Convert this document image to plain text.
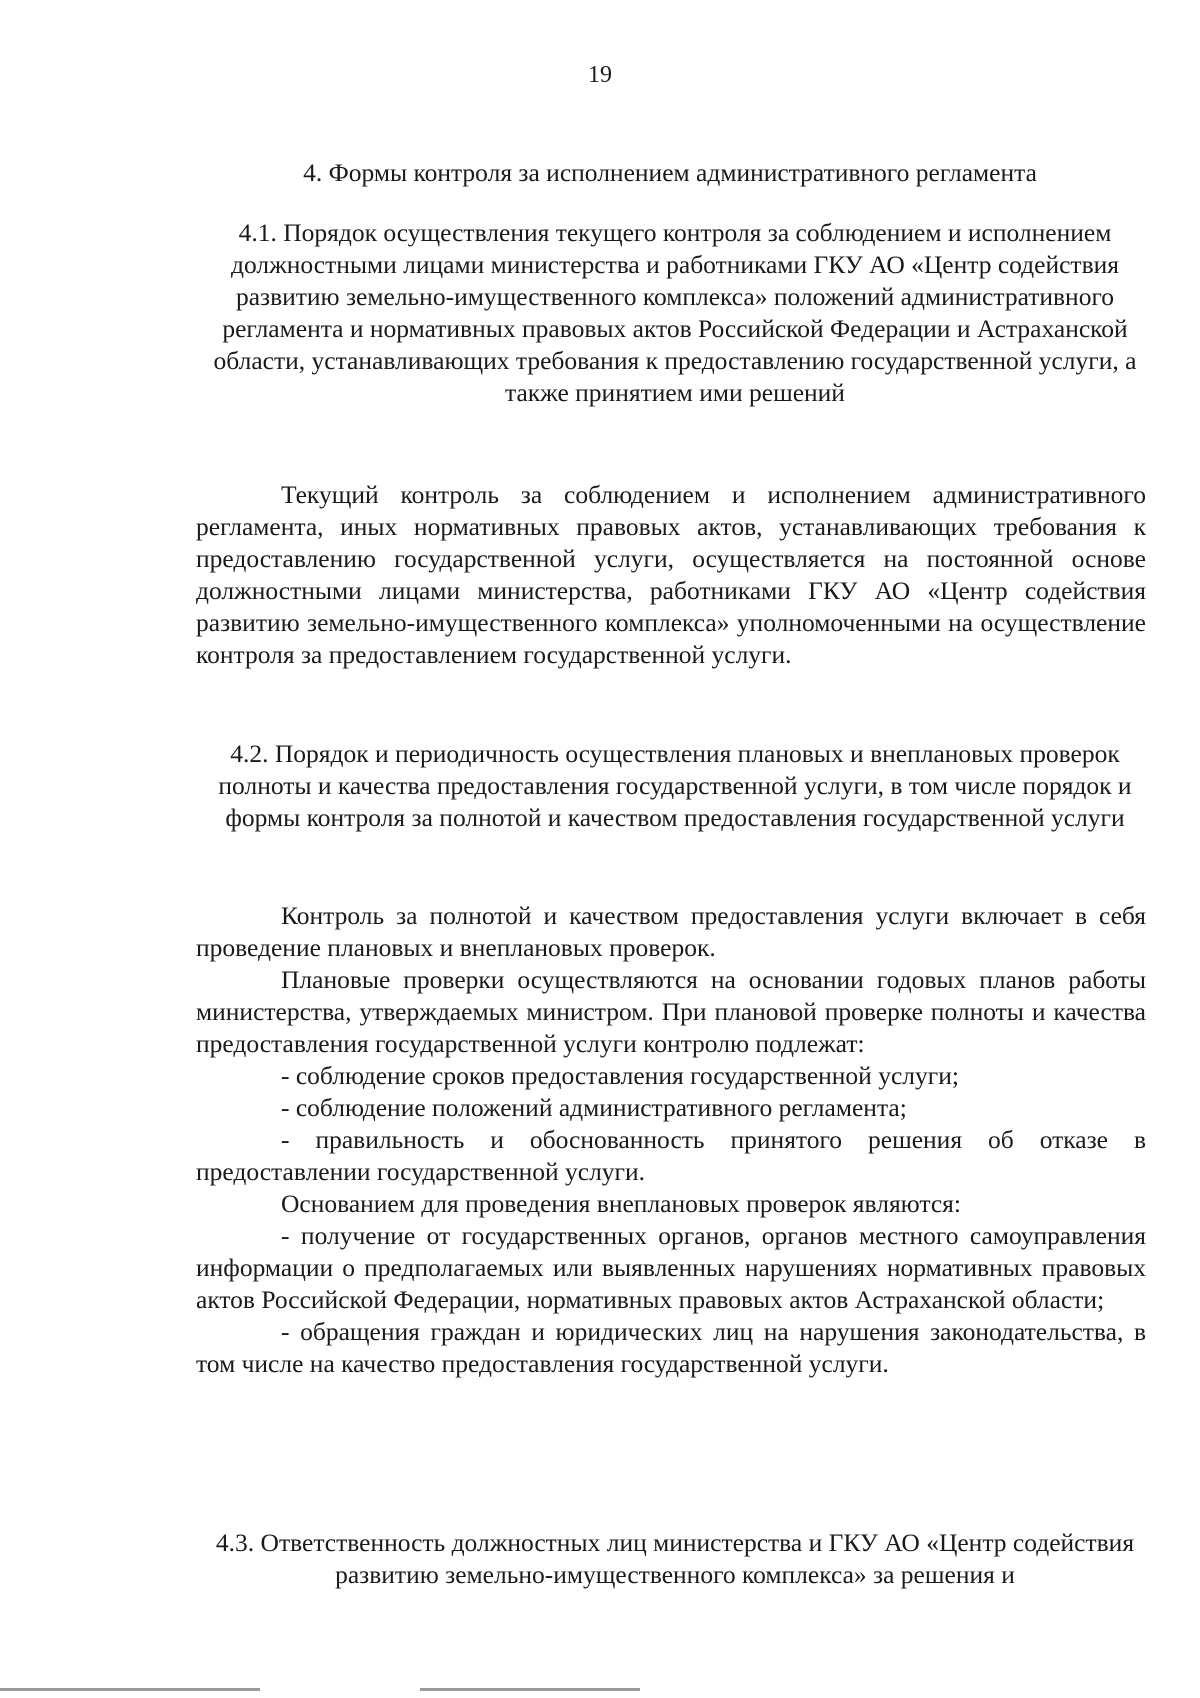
19
4. Формы контроля за исполнением административного регламента
4.1. Порядок осуществления текущего контроля за соблюдением и исполнением должностными лицами министерства и работниками ГКУ АО «Центр содействия развитию земельно-имущественного комплекса» положений административного регламента и нормативных правовых актов Российской Федерации и Астраханской области, устанавливающих требования к предоставлению государственной услуги, а также принятием ими решений

Текущий контроль за соблюдением и исполнением административного регламента, иных нормативных правовых актов, устанавливающих требования к предоставлению государственной услуги, осуществляется на постоянной основе должностными лицами министерства, работниками ГКУ АО «Центр содействия развитию земельно-имущественного комплекса» уполномоченными на осуществление контроля за предоставлением государственной услуги.

4.2. Порядок и периодичность осуществления плановых и внеплановых проверок полноты и качества предоставления государственной услуги, в том числе порядок и формы контроля за полнотой и качеством предоставления государственной услуги

Контроль за полнотой и качеством предоставления услуги включает в себя проведение плановых и внеплановых проверок.

Плановые проверки осуществляются на основании годовых планов работы министерства, утверждаемых министром. При плановой проверке полноты и качества предоставления государственной услуги контролю подлежат:

- соблюдение сроков предоставления государственной услуги;

- соблюдение положений административного регламента;

- правильность и обоснованность принятого решения об отказе в предоставлении государственной услуги.

Основанием для проведения внеплановых проверок являются:

- получение от государственных органов, органов местного самоуправления информации о предполагаемых или выявленных нарушениях нормативных правовых актов Российской Федерации, нормативных правовых актов Астраханской области;

- обращения граждан и юридических лиц на нарушения законодательства, в том числе на качество предоставления государственной услуги.

4.3. Ответственность должностных лиц министерства и ГКУ АО «Центр содействия развитию земельно-имущественного комплекса» за решения и
